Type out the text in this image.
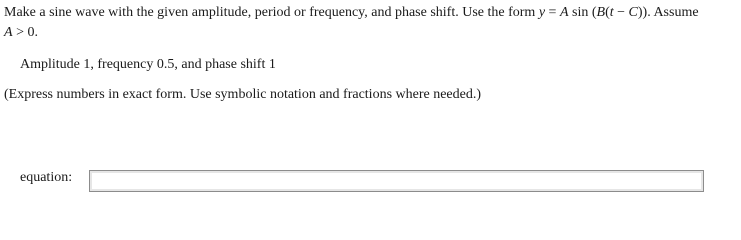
Make a sine wave with the given amplitude, period or frequency, and phase shift. Use the form y = A sin (B(t − C)). Assume
A > 0.
Amplitude 1, frequency 0.5, and phase shift 1
(Express numbers in exact form. Use symbolic notation and fractions where needed.)
equation:
